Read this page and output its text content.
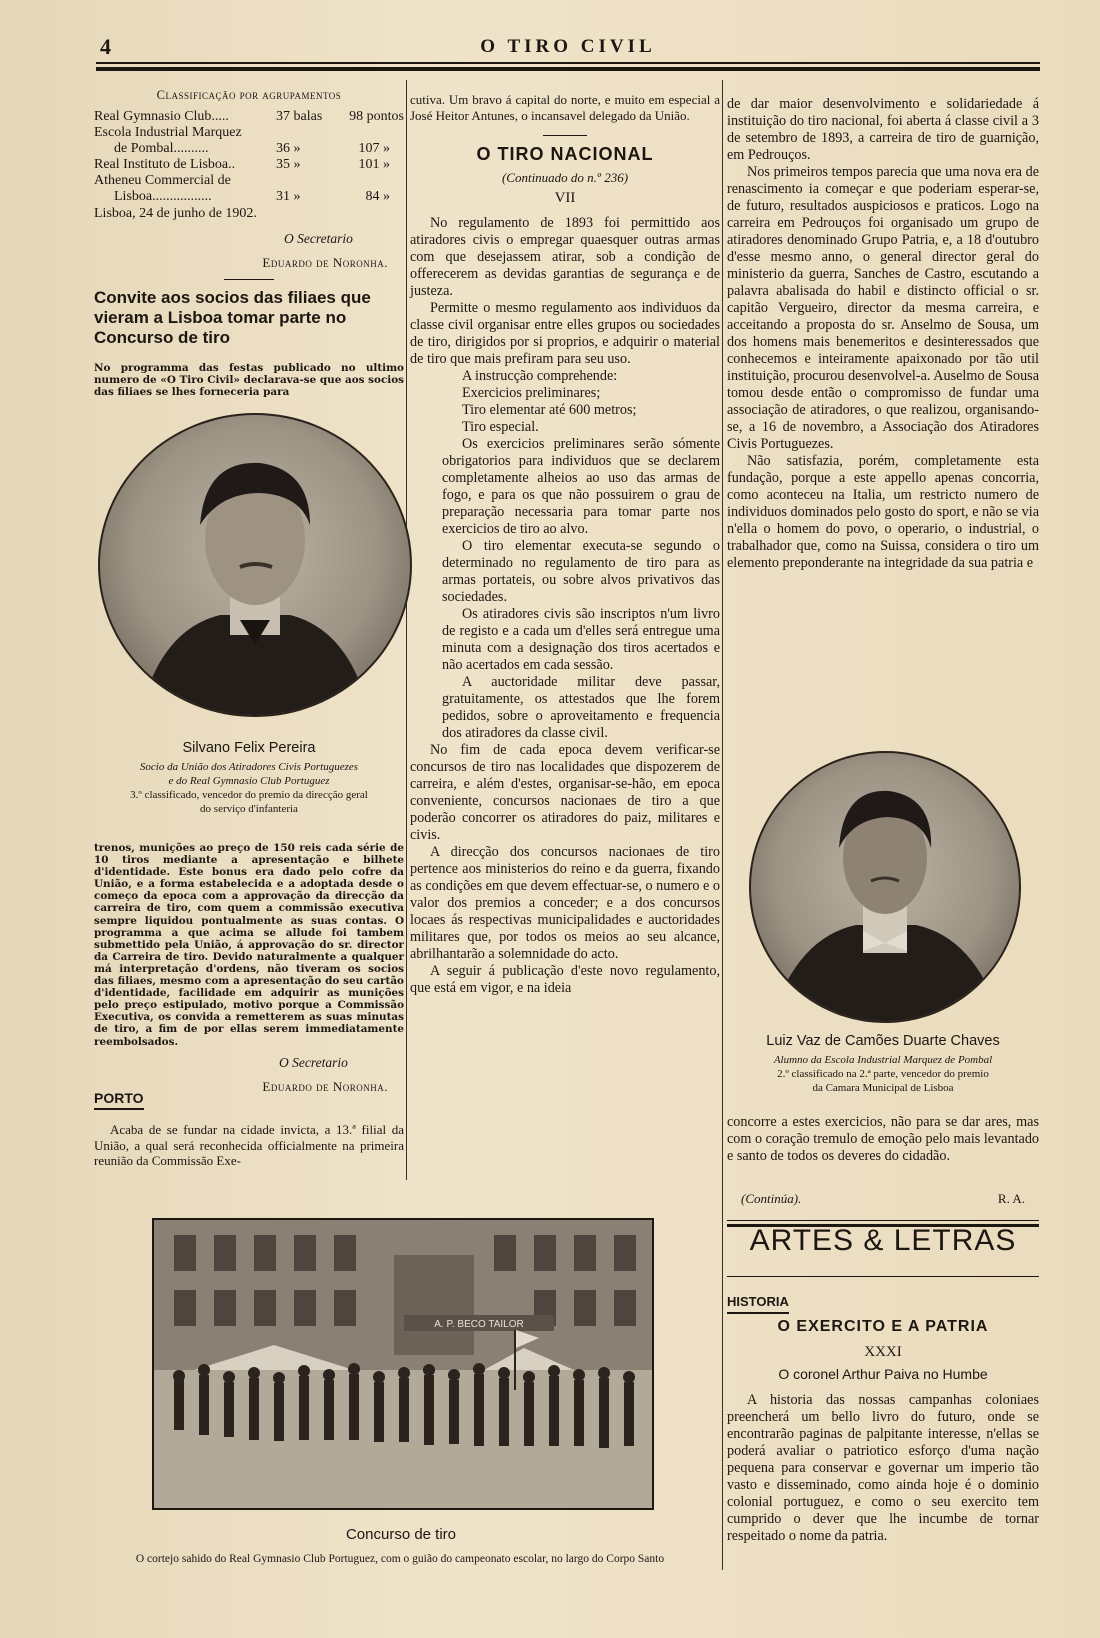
4	O TIRO CIVIL
Classificação por agrupamentos
Real Gymnasio Club.....	37 balas 98 pontos
Escola Industrial Marquez
de Pombal..........	36 »	107 »
Real Instituto de Lisboa..	35 »	101 »
Atheneu Commercial de
Lisboa.................	31 »	84 »
Lisboa, 24 de junho de 1902.
O Secretario
Eduardo de Noronha.
Convite aos socios das filiaes que vieram a Lisboa tomar parte no Concurso de tiro
No programma das festas publicado no ultimo numero de «O Tiro Civil» declarava-se que aos socios das filiaes se lhes forneceria para
Silvano Felix Pereira
Socio da União dos Atiradores Civis Portuguezes
e do Real Gymnasio Club Portuguez
3.º classificado, vencedor do premio da direcção geral
do serviço d'infanteria
trenos, munições ao preço de 150 reis cada série de 10 tiros mediante a apresentação e bilhete d'identidade. Este bonus era dado pelo cofre da União, e a forma estabelecida e a adoptada desde o começo da epoca com a approvação da direcção da carreira de tiro, com quem a commissão executiva sempre liquidou pontualmente as suas contas. O programma a que acima se allude foi tambem submettido pela União, á approvação do sr. director da Carreira de tiro. Devido naturalmente a qualquer má interpretação d'ordens, não tiveram os socios das filiaes, mesmo com a apresentação do seu cartão d'identidade, facilidade em adquirir as munições pelo preço estipulado, motivo porque a Commissão Executiva, os convida a remetterem as suas minutas de tiro, a fim de por ellas serem immediatamente reembolsados.
O Secretario
Eduardo de Noronha.
PORTO
Acaba de se fundar na cidade invicta, a 13.ª filial da União, a qual será reconhecida officialmente na primeira reunião da Commissão Exe-
cutiva. Um bravo á capital do norte, e muito em especial a José Heitor Antunes, o incansavel delegado da União.
O TIRO NACIONAL
(Continuado do n.º 236)
VII

No regulamento de 1893 foi permittido aos atiradores civis o empregar quaesquer outras armas com que desejassem atirar, sob a condição de offerecerem as devidas garantias de segurança e de justeza.

Permitte o mesmo regulamento aos individuos da classe civil organisar entre elles grupos ou sociedades de tiro, dirigidos por si proprios, e adquirir o material de tiro que mais prefiram para seu uso.

A instrucção comprehende:
Exercicios preliminares;
Tiro elementar até 600 metros;
Tiro especial.

Os exercicios preliminares serão sómente obrigatorios para individuos que se declarem completamente alheios ao uso das armas de fogo, e para os que não possuirem o grau de preparação necessaria para tomar parte nos exercicios de tiro ao alvo.

O tiro elementar executa-se segundo o determinado no regulamento de tiro para as armas portateis, ou sobre alvos privativos das sociedades.

Os atiradores civis são inscriptos n'um livro de registo e a cada um d'elles será entregue uma minuta com a designação dos tiros acertados e não acertados em cada sessão.

A auctoridade militar deve passar, gratuitamente, os attestados que lhe forem pedidos, sobre o aproveitamento e frequencia dos atiradores da classe civil.

No fim de cada epoca devem verificar-se concursos de tiro nas localidades que dispozerem de carreira, e além d'estes, organisar-se-hão, em epoca conveniente, concursos nacionaes de tiro a que poderão concorrer os atiradores do paiz, militares e civis.

A direcção dos concursos nacionaes de tiro pertence aos ministerios do reino e da guerra, fixando as condições em que devem effectuar-se, o numero e o valor dos premios a conceder; e a dos concursos locaes ás respectivas municipalidades e auctoridades militares que, por todos os meios ao seu alcance, abrilhantarão a solemnidade do acto.

A seguir á publicação d'este novo regulamento, que está em vigor, e na ideia

de dar maior desenvolvimento e solidariedade á instituição do tiro nacional, foi aberta á classe civil a 3 de setembro de 1893, a carreira de tiro de guarnição, em Pedrouços.

Nos primeiros tempos parecia que uma nova era de renascimento ia começar e que poderiam esperar-se, de futuro, resultados auspiciosos e praticos. Logo na carreira em Pedrouços foi organisado um grupo de atiradores denominado Grupo Patria, e, a 18 d'outubro d'esse mesmo anno, o general director geral do ministerio da guerra, Sanches de Castro, escutando a palavra abalisada do habil e distincto official o sr. capitão Vergueiro, director da mesma carreira, e acceitando a proposta do sr. Anselmo de Sousa, um dos homens mais benemeritos e desinteressados que conhecemos e inteiramente apaixonado por tão util instituição, procurou desenvolvel-a. Auselmo de Sousa tomou desde então o compromisso de fundar uma associação de atiradores, o que realizou, organisando-se, a 16 de novembro, a Associação dos Atiradores Civis Portuguezes.

Não satisfazia, porém, completamente esta fundação, porque a este appello apenas concorria, como aconteceu na Italia, um restricto numero de individuos dominados pelo gosto do sport, e não se via n'ella o homem do povo, o operario, o industrial, o trabalhador que, como na Suissa, considera o tiro um elemento preponderante na integridade da sua patria e

Luiz Vaz de Camões Duarte Chaves
Alumno da Escola Industrial Marquez de Pombal
2.º classificado na 2.ª parte, vencedor do premio
da Camara Municipal de Lisboa

concorre a estes exercicios, não para se dar ares, mas com o coração tremulo de emoção pelo mais levantado e santo de todos os deveres do cidadão.

(Continúa).	R. A.
ARTES & LETRAS
HISTORIA
O EXERCITO E A PATRIA
XXXI
O coronel Arthur Paiva no Humbe

A historia das nossas campanhas coloniaes preencherá um bello livro do futuro, onde se encontrarão paginas de palpitante interesse, n'ellas se poderá avaliar o patriotico esforço d'uma nação pequena para conservar e governar um imperio tão vasto e disseminado, como ainda hoje é o dominio colonial portuguez, e como o seu exercito tem cumprido o dever que lhe incumbe de tornar respeitado o nome da patria.

A. P. BECO TAILOR
Concurso de tiro
O cortejo sahido do Real Gymnasio Club Portuguez, com o guião do campeonato escolar, no largo do Corpo Santo
